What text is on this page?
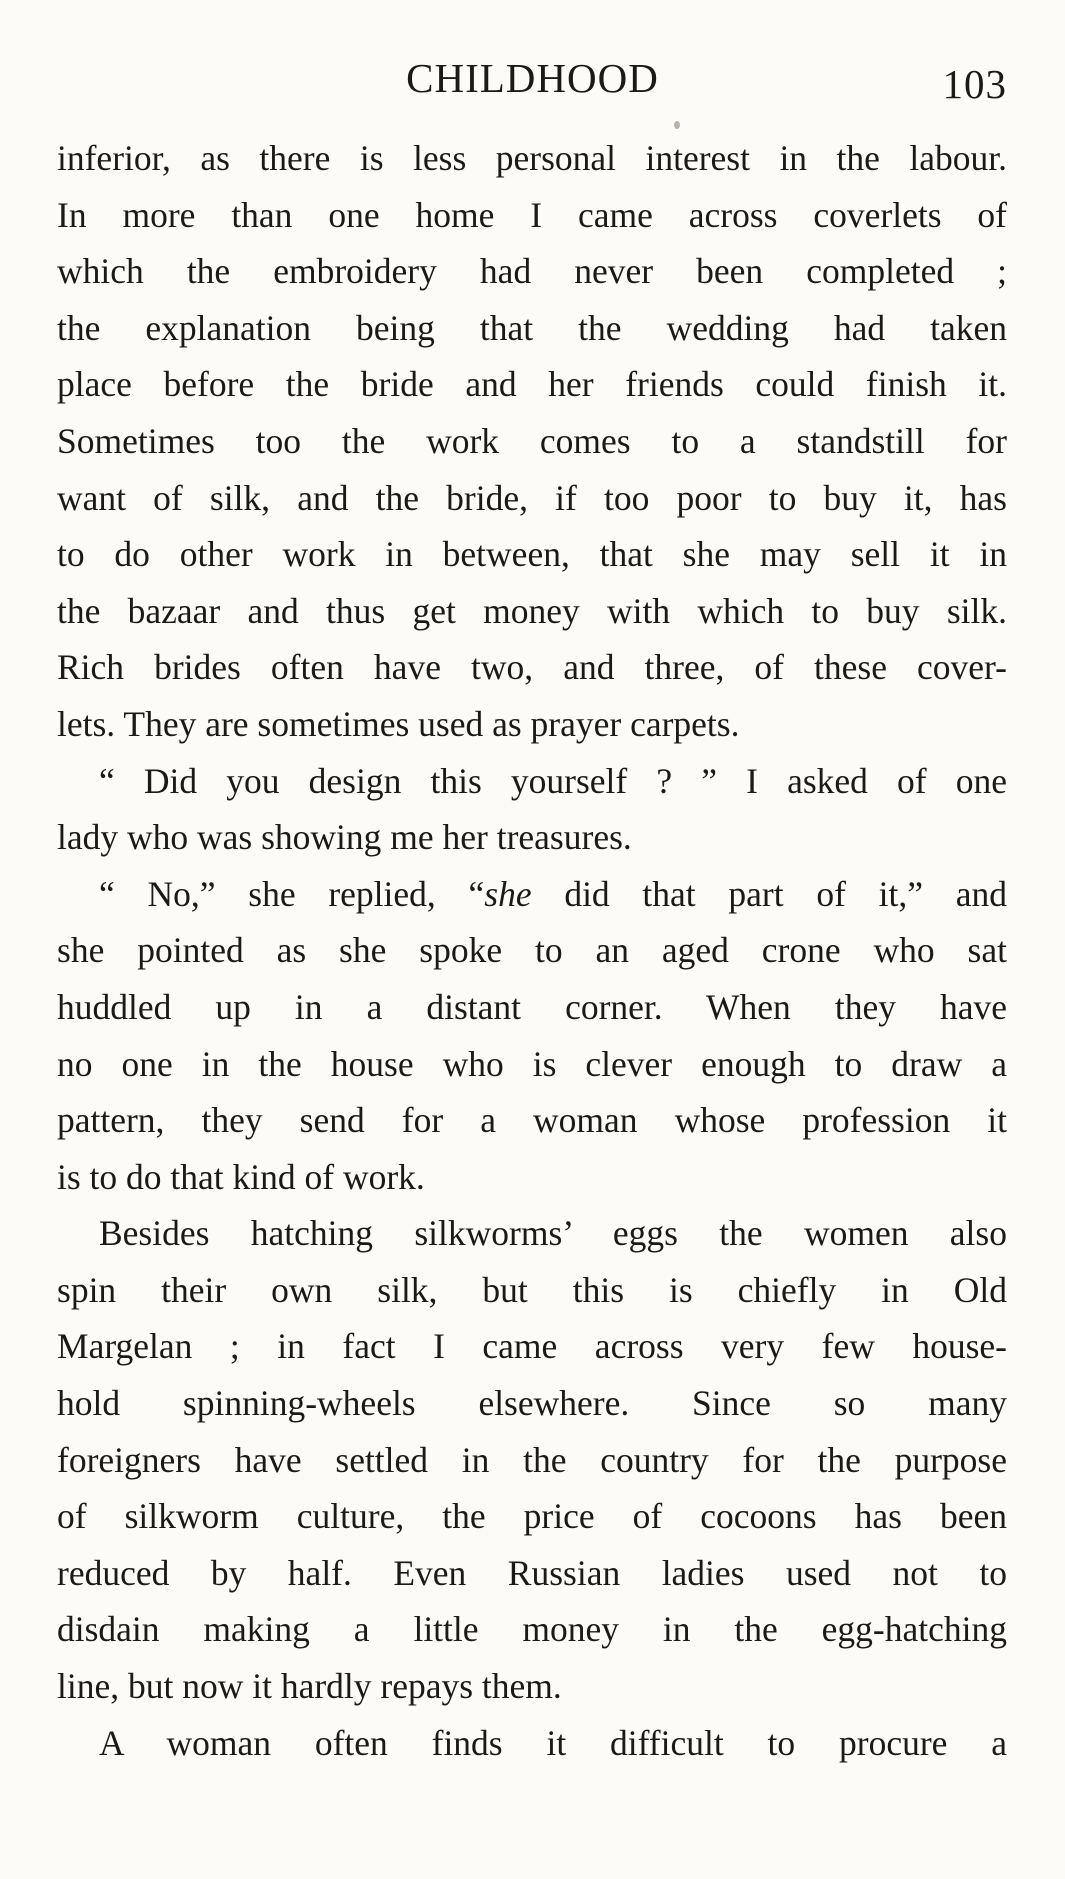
CHILDHOOD	103
inferior, as there is less personal interest in the labour.
In more than one home I came across coverlets of
which the embroidery had never been completed ;
the explanation being that the wedding had taken
place before the bride and her friends could finish it.
Sometimes too the work comes to a standstill for
want of silk, and the bride, if too poor to buy it, has
to do other work in between, that she may sell it in
the bazaar and thus get money with which to buy silk.
Rich brides often have two, and three, of these cover-
lets. They are sometimes used as prayer carpets.
“ Did you design this yourself ? ” I asked of one
lady who was showing me her treasures.
“ No,” she replied, “she did that part of it,” and
she pointed as she spoke to an aged crone who sat
huddled up in a distant corner. When they have
no one in the house who is clever enough to draw a
pattern, they send for a woman whose profession it
is to do that kind of work.
Besides hatching silkworms’ eggs the women also
spin their own silk, but this is chiefly in Old
Margelan ; in fact I came across very few house-
hold spinning-wheels elsewhere. Since so many
foreigners have settled in the country for the purpose
of silkworm culture, the price of cocoons has been
reduced by half. Even Russian ladies used not to
disdain making a little money in the egg-hatching
line, but now it hardly repays them.
A woman often finds it difficult to procure a
